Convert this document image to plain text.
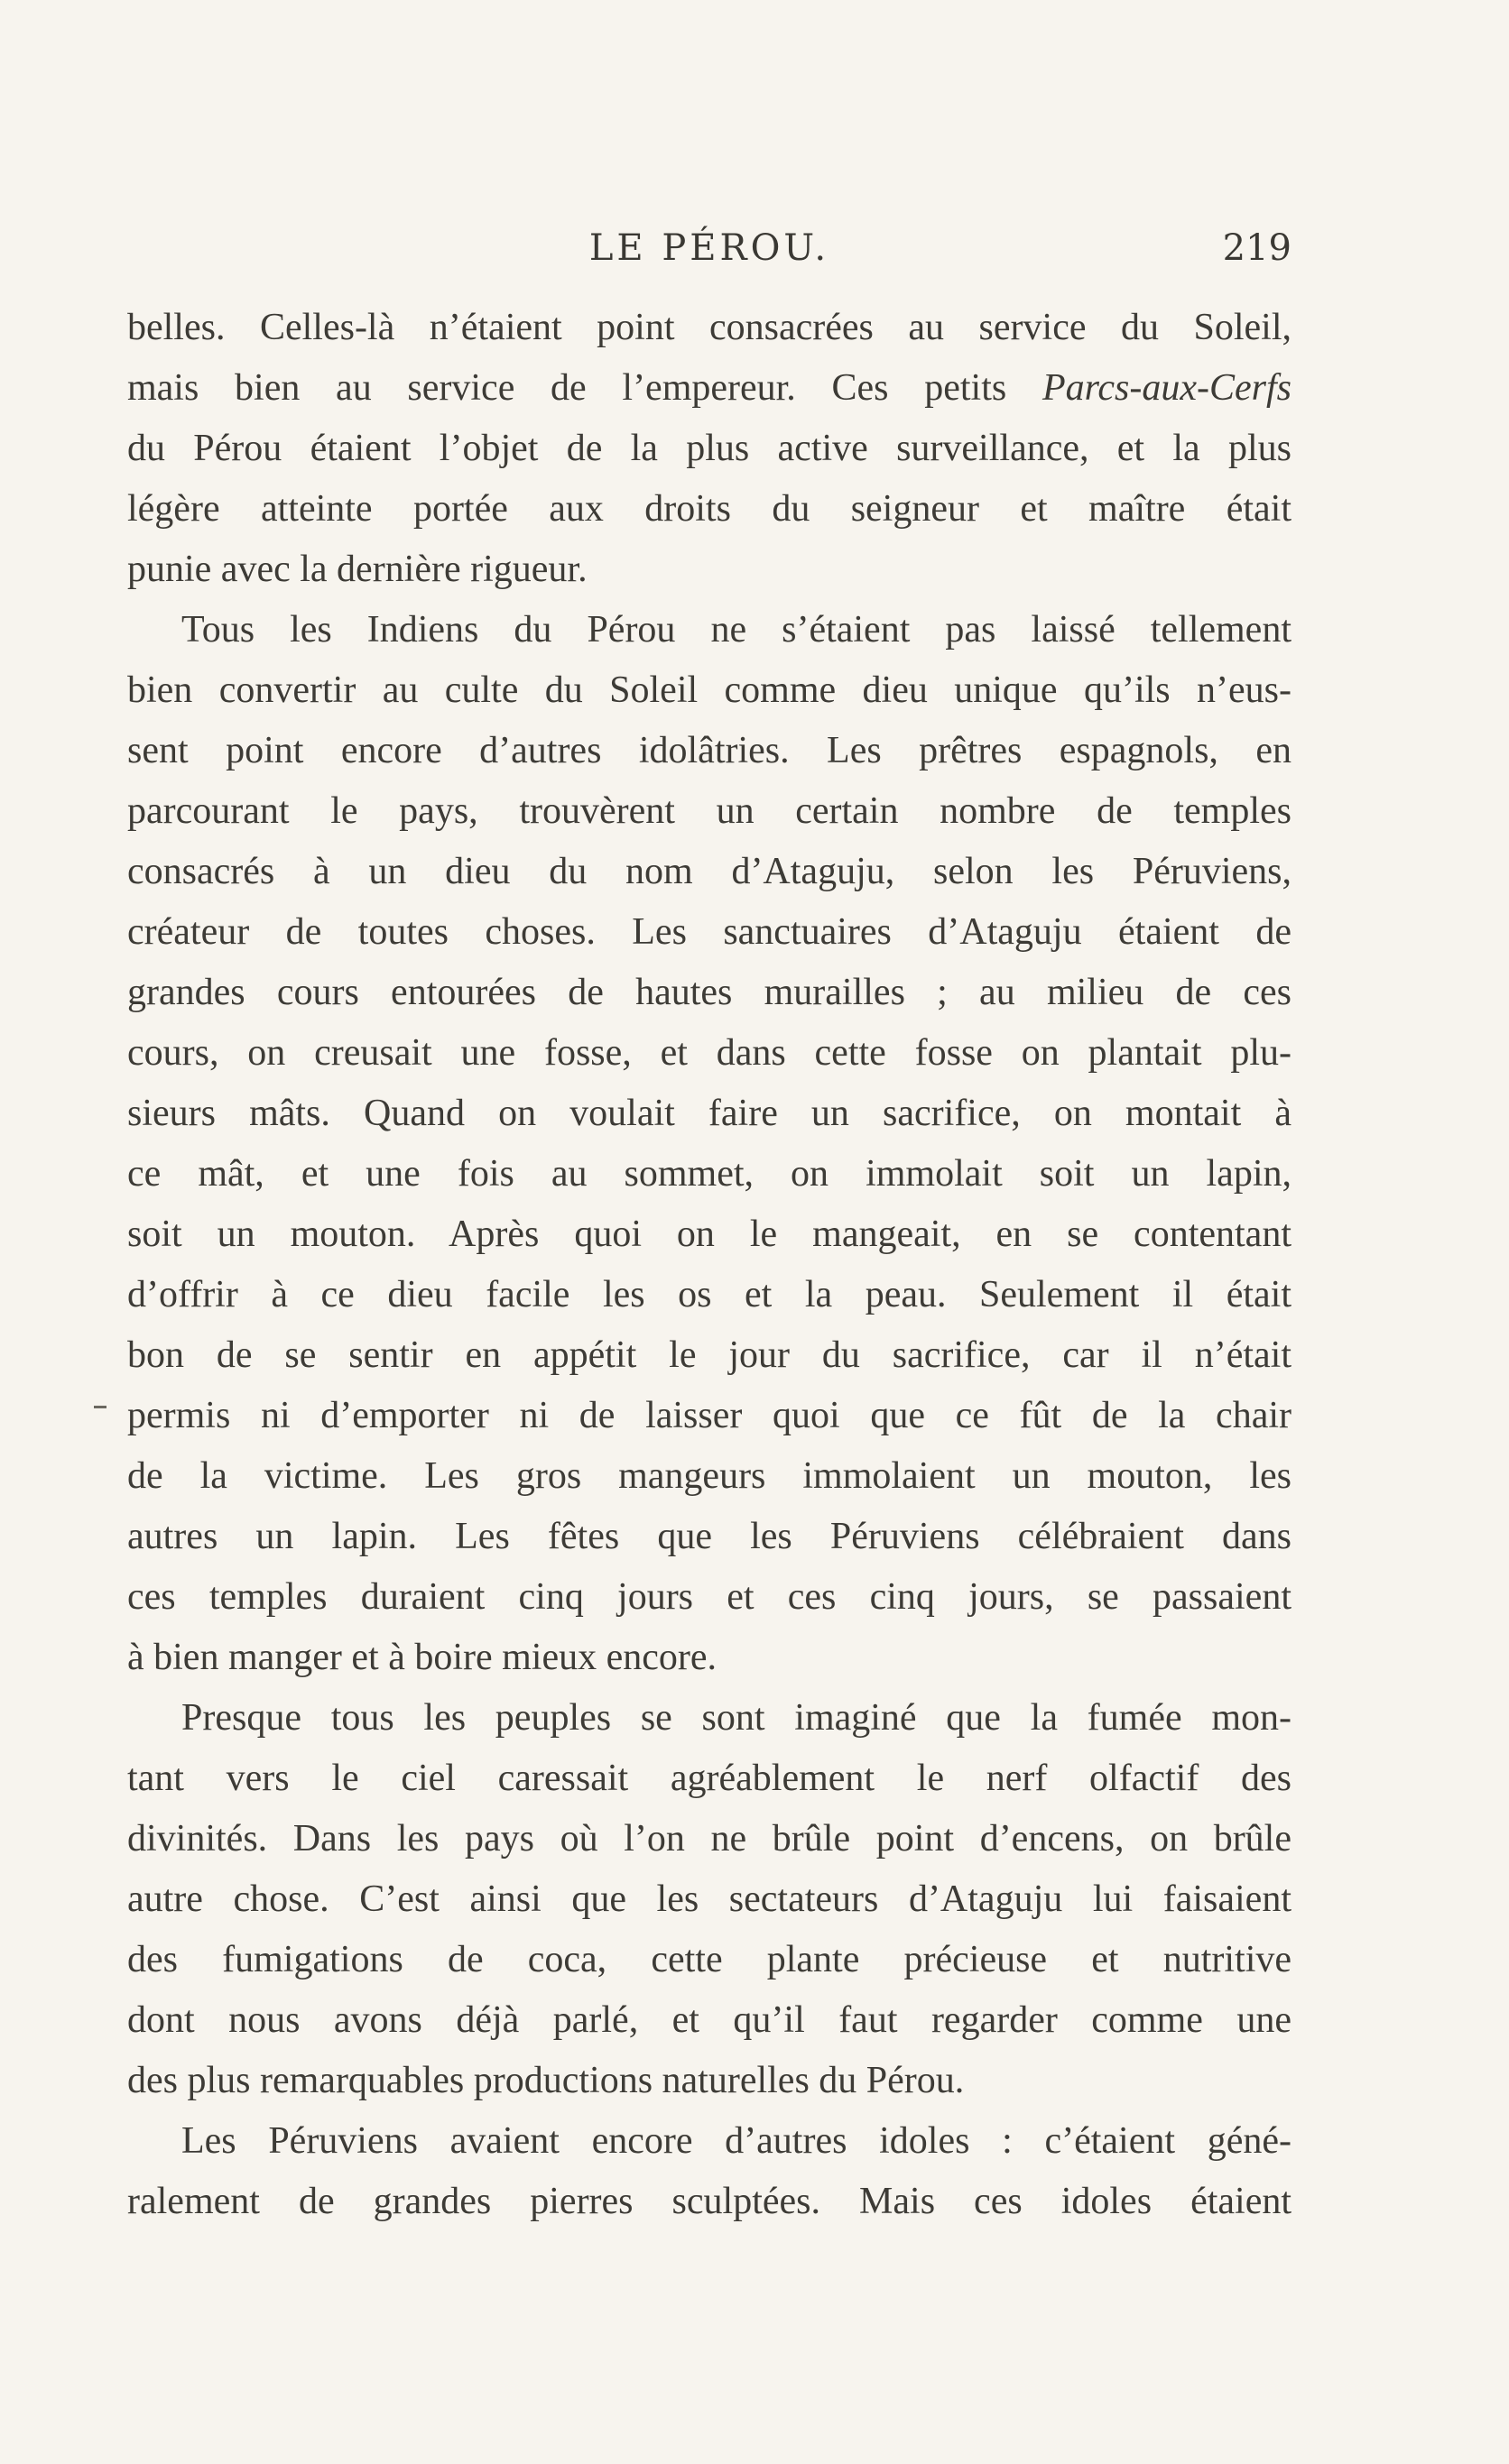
LE PÉROU.	219
belles. Celles-là n’étaient point consacrées au service du Soleil,
mais bien au service de l’empereur. Ces petits Parcs-aux-Cerfs
du Pérou étaient l’objet de la plus active surveillance, et la plus
légère atteinte portée aux droits du seigneur et maître était
punie avec la dernière rigueur.
Tous les Indiens du Pérou ne s’étaient pas laissé tellement
bien convertir au culte du Soleil comme dieu unique qu’ils n’eus-
sent point encore d’autres idolâtries. Les prêtres espagnols, en
parcourant le pays, trouvèrent un certain nombre de temples
consacrés à un dieu du nom d’Ataguju, selon les Péruviens,
créateur de toutes choses. Les sanctuaires d’Ataguju étaient de
grandes cours entourées de hautes murailles ; au milieu de ces
cours, on creusait une fosse, et dans cette fosse on plantait plu-
sieurs mâts. Quand on voulait faire un sacrifice, on montait à
ce mât, et une fois au sommet, on immolait soit un lapin,
soit un mouton. Après quoi on le mangeait, en se contentant
d’offrir à ce dieu facile les os et la peau. Seulement il était
bon de se sentir en appétit le jour du sacrifice, car il n’était
permis ni d’emporter ni de laisser quoi que ce fût de la chair
de la victime. Les gros mangeurs immolaient un mouton, les
autres un lapin. Les fêtes que les Péruviens célébraient dans
ces temples duraient cinq jours et ces cinq jours, se passaient
à bien manger et à boire mieux encore.
Presque tous les peuples se sont imaginé que la fumée mon-
tant vers le ciel caressait agréablement le nerf olfactif des
divinités. Dans les pays où l’on ne brûle point d’encens, on brûle
autre chose. C’est ainsi que les sectateurs d’Ataguju lui faisaient
des fumigations de coca, cette plante précieuse et nutritive
dont nous avons déjà parlé, et qu’il faut regarder comme une
des plus remarquables productions naturelles du Pérou.
Les Péruviens avaient encore d’autres idoles : c’étaient géné-
ralement de grandes pierres sculptées. Mais ces idoles étaient
